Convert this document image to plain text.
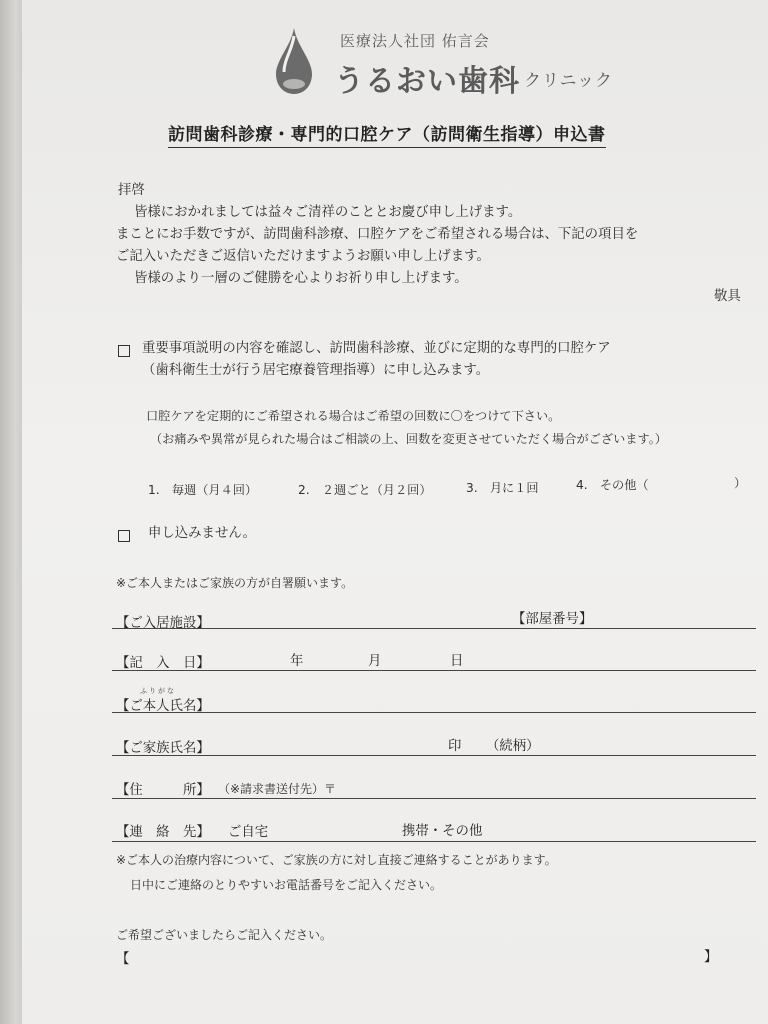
医療法人社団 佑言会
うるおい歯科 クリニック
訪問歯科診療・専門的口腔ケア（訪問衛生指導）申込書
拝啓
皆様におかれましては益々ご清祥のこととお慶び申し上げます。
まことにお手数ですが、訪問歯科診療、口腔ケアをご希望される場合は、下記の項目を
ご記入いただきご返信いただけますようお願い申し上げます。
皆様のより一層のご健勝を心よりお祈り申し上げます。
敬具
重要事項説明の内容を確認し、訪問歯科診療、並びに定期的な専門的口腔ケア
（歯科衛生士が行う居宅療養管理指導）に申し込みます。
口腔ケアを定期的にご希望される場合はご希望の回数に〇をつけて下さい。
（お痛みや異常が見られた場合はご相談の上、回数を変更させていただく場合がございます。）
1.　毎週（月４回）	2.　２週ごと（月２回）	3.　月に１回	4.　その他（	）
申し込みません。
※ご本人またはご家族の方が自署願います。
【ご入居施設】	【部屋番号】
【記　入　日】	年	月	日
ふりがな
【ご本人氏名】
【ご家族氏名】	印 （続柄）
【住　　　所】 （※請求書送付先）〒
【連　絡　先】 ご自宅	携帯・その他
※ご本人の治療内容について、ご家族の方に対し直接ご連絡することがあります。
日中にご連絡のとりやすいお電話番号をご記入ください。
ご希望ございましたらご記入ください。
【	】
